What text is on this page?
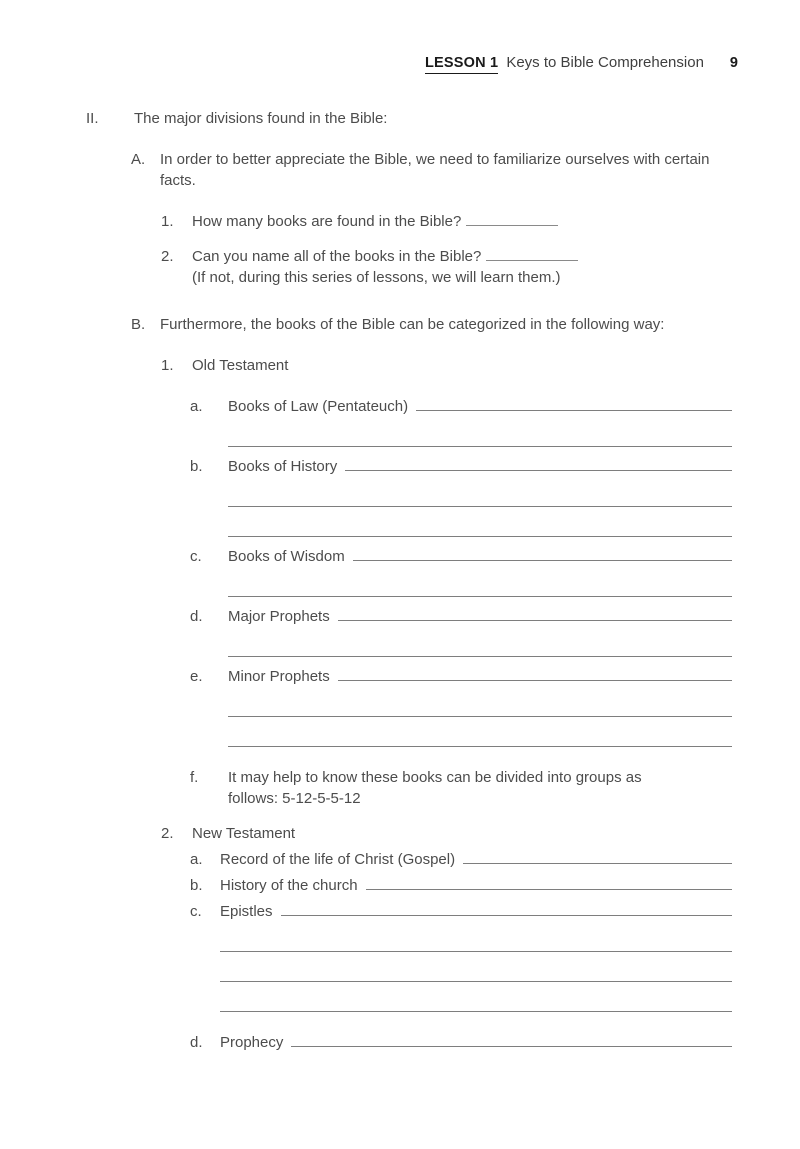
LESSON 1 Keys to Bible Comprehension 9
II.	The major divisions found in the Bible:
A. In order to better appreciate the Bible, we need to familiarize ourselves with certain facts.
1.	How many books are found in the Bible?
2.	Can you name all of the books in the Bible?
(If not, during this series of lessons, we will learn them.)
B. Furthermore, the books of the Bible can be categorized in the following way:
1.	Old Testament
a.	Books of Law (Pentateuch)
b.	Books of History
c.	Books of Wisdom
d.	Major Prophets
e.	Minor Prophets
f.	It may help to know these books can be divided into groups as follows: 5-12-5-5-12
2.	New Testament
a.	Record of the life of Christ (Gospel)
b.	History of the church
c.	Epistles
d.	Prophecy
